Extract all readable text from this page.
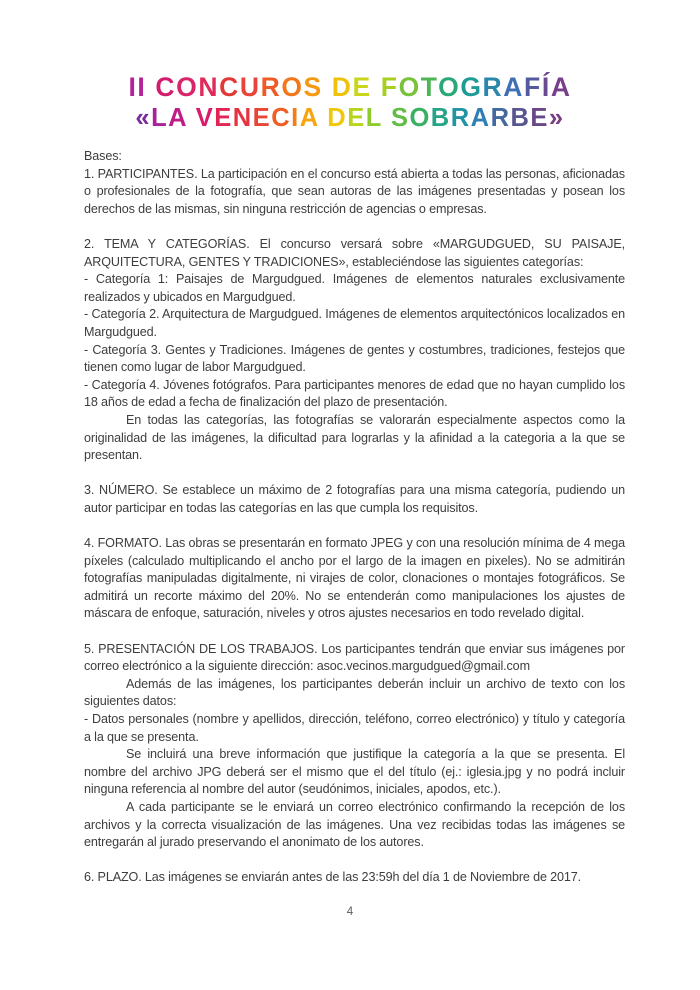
II CONCUROS DE FOTOGRAFÍA
«LA VENECIA DEL SOBRARBE»

Bases:

1. PARTICIPANTES. La participación en el concurso está abierta a todas las personas, aficionadas o profesionales de la fotografía, que sean autoras de las imágenes presentadas y posean los derechos de las mismas, sin ninguna restricción de agencias o empresas.

2. TEMA Y CATEGORÍAS. El concurso versará sobre «MARGUDGUED, SU PAISAJE, ARQUITECTURA, GENTES Y TRADICIONES», estableciéndose las siguientes categorías:

- Categoría 1: Paisajes de Margudgued. Imágenes de elementos naturales exclusivamente realizados y ubicados en Margudgued.

- Categoría 2. Arquitectura de Margudgued. Imágenes de elementos arquitectónicos localizados en Margudgued.

- Categoría 3. Gentes y Tradiciones. Imágenes de gentes y costumbres, tradiciones, festejos que tienen como lugar de labor Margudgued.

- Categoría 4. Jóvenes fotógrafos. Para participantes menores de edad que no hayan cumplido los 18 años de edad a fecha de finalización del plazo de presentación.

En todas las categorías, las fotografías se valorarán especialmente aspectos como la originalidad de las imágenes, la dificultad para lograrlas y la afinidad a la categoria a la que se presentan.

3. NÚMERO. Se establece un máximo de 2 fotografías para una misma categoría, pudiendo un autor participar en todas las categorías en las que cumpla los requisitos.

4. FORMATO. Las obras se presentarán en formato JPEG y con una resolución mínima de 4 mega píxeles (calculado multiplicando el ancho por el largo de la imagen en pixeles). No se admitirán fotografías manipuladas digitalmente, ni virajes de color, clonaciones o montajes fotográficos. Se admitirá un recorte máximo del 20%. No se entenderán como manipulaciones los ajustes de máscara de enfoque, saturación, niveles y otros ajustes necesarios en todo revelado digital.

5. PRESENTACIÓN DE LOS TRABAJOS. Los participantes tendrán que enviar sus imágenes por correo electrónico a la siguiente dirección: asoc.vecinos.margudgued@gmail.com

Además de las imágenes, los participantes deberán incluir un archivo de texto con los siguientes datos:

- Datos personales (nombre y apellidos, dirección, teléfono, correo electrónico) y título y categoría a la que se presenta.

Se incluirá una breve información que justifique la categoría a la que se presenta. El nombre del archivo JPG deberá ser el mismo que el del título (ej.: iglesia.jpg y no podrá incluir ninguna referencia al nombre del autor (seudónimos, iniciales, apodos, etc.).

A cada participante se le enviará un correo electrónico confirmando la recepción de los archivos y la correcta visualización de las imágenes. Una vez recibidas todas las imágenes se entregarán al jurado preservando el anonimato de los autores.

6. PLAZO. Las imágenes se enviarán antes de las 23:59h del día 1 de Noviembre de 2017.

4
